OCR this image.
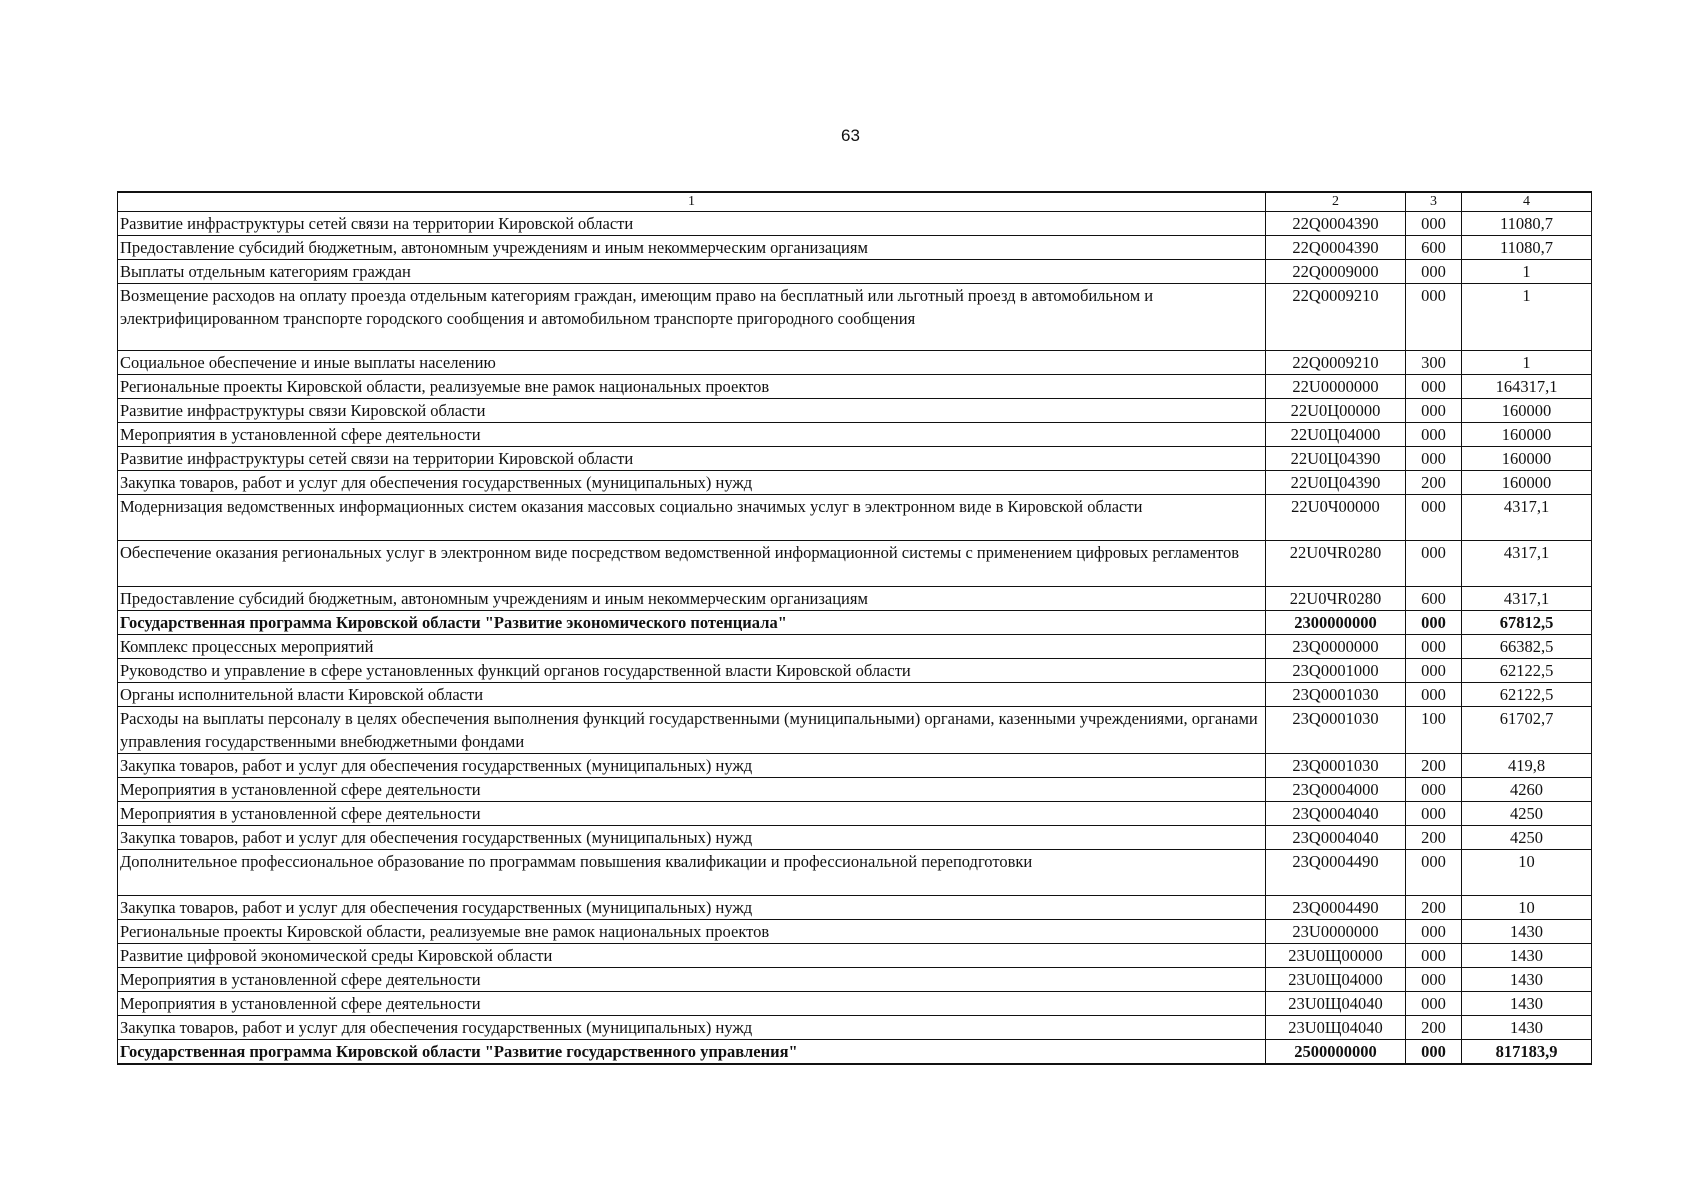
63
1	2	3	4
Развитие инфраструктуры сетей связи на территории Кировской области	22Q0004390	000	11080,7
Предоставление субсидий бюджетным, автономным учреждениям и иным некоммерческим организациям	22Q0004390	600	11080,7
Выплаты отдельным категориям граждан	22Q0009000	000	1
Возмещение расходов на оплату проезда отдельным категориям граждан, имеющим право на бесплатный или льготный проезд в автомобильном и электрифицированном транспорте городского сообщения и автомобильном транспорте пригородного сообщения	22Q0009210	000	1
Социальное обеспечение и иные выплаты населению	22Q0009210	300	1
Региональные проекты Кировской области, реализуемые вне рамок национальных проектов	22U0000000	000	164317,1
Развитие инфраструктуры связи Кировской области	22U0Ц00000	000	160000
Мероприятия в установленной сфере деятельности	22U0Ц04000	000	160000
Развитие инфраструктуры сетей связи на территории Кировской области	22U0Ц04390	000	160000
Закупка товаров, работ и услуг для обеспечения государственных (муниципальных) нужд	22U0Ц04390	200	160000
Модернизация ведомственных информационных систем оказания массовых социально значимых услуг в электронном виде в Кировской области	22U0Ч00000	000	4317,1
Обеспечение оказания региональных услуг в электронном виде посредством ведомственной информационной системы с применением цифровых регламентов	22U0ЧR0280	000	4317,1
Предоставление субсидий бюджетным, автономным учреждениям и иным некоммерческим организациям	22U0ЧR0280	600	4317,1
Государственная программа Кировской области "Развитие экономического потенциала"	2300000000	000	67812,5
Комплекс процессных мероприятий	23Q0000000	000	66382,5
Руководство и управление в сфере установленных функций органов государственной власти Кировской области	23Q0001000	000	62122,5
Органы исполнительной власти Кировской области	23Q0001030	000	62122,5
Расходы на выплаты персоналу в целях обеспечения выполнения функций государственными (муниципальными) органами, казенными учреждениями, органами управления государственными внебюджетными фондами	23Q0001030	100	61702,7
Закупка товаров, работ и услуг для обеспечения государственных (муниципальных) нужд	23Q0001030	200	419,8
Мероприятия в установленной сфере деятельности	23Q0004000	000	4260
Мероприятия в установленной сфере деятельности	23Q0004040	000	4250
Закупка товаров, работ и услуг для обеспечения государственных (муниципальных) нужд	23Q0004040	200	4250
Дополнительное профессиональное образование по программам повышения квалификации и профессиональной переподготовки	23Q0004490	000	10
Закупка товаров, работ и услуг для обеспечения государственных (муниципальных) нужд	23Q0004490	200	10
Региональные проекты Кировской области, реализуемые вне рамок национальных проектов	23U0000000	000	1430
Развитие цифровой экономической среды Кировской области	23U0Щ00000	000	1430
Мероприятия в установленной сфере деятельности	23U0Щ04000	000	1430
Мероприятия в установленной сфере деятельности	23U0Щ04040	000	1430
Закупка товаров, работ и услуг для обеспечения государственных (муниципальных) нужд	23U0Щ04040	200	1430
Государственная программа Кировской области "Развитие государственного управления"	2500000000	000	817183,9
